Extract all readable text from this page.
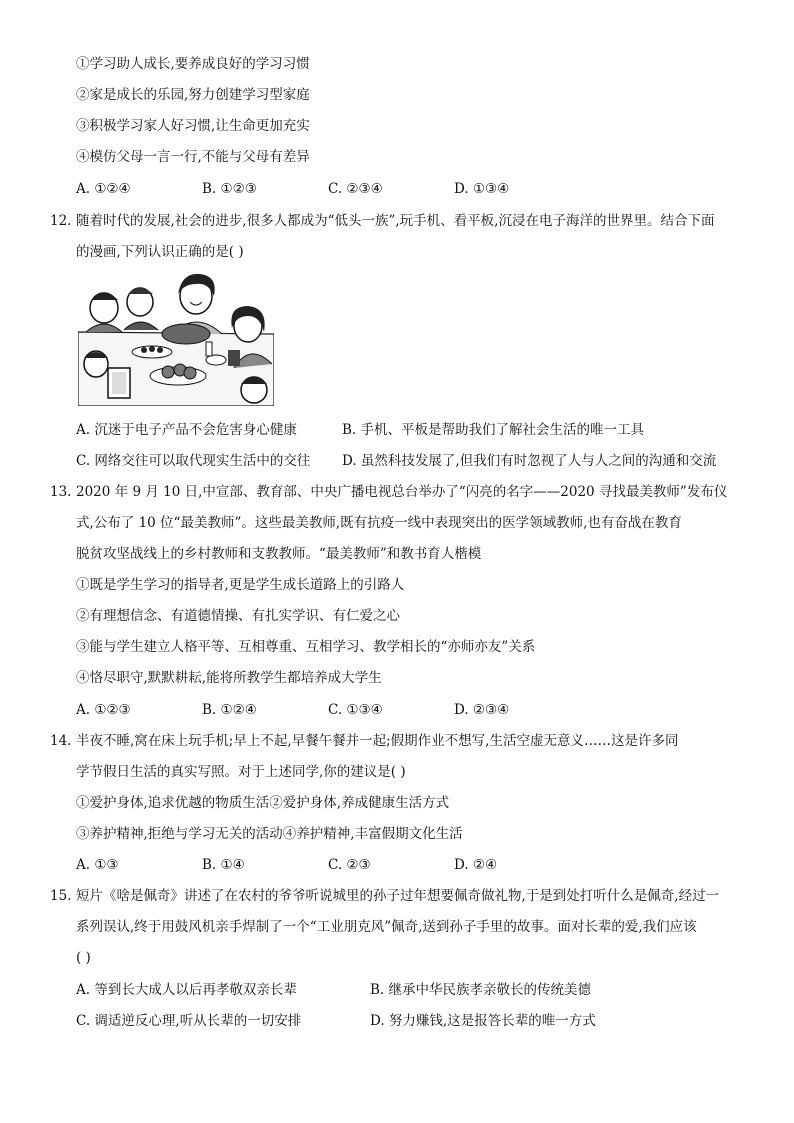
①学习助人成长,要养成良好的学习习惯
②家是成长的乐园,努力创建学习型家庭
③积极学习家人好习惯,让生命更加充实
④模仿父母一言一行,不能与父母有差异
A. ①②④	B. ①②③	C. ②③④	D. ①③④
12. 随着时代的发展,社会的进步,很多人都成为“低头一族”,玩手机、看平板,沉浸在电子海洋的世界里。结合下面
的漫画,下列认识正确的是( )
A. 沉迷于电子产品不会危害身心健康	B. 手机、平板是帮助我们了解社会生活的唯一工具
C. 网络交往可以取代现实生活中的交往 D. 虽然科技发展了,但我们有时忽视了人与人之间的沟通和交流
13. 2020 年 9 月 10 日,中宣部、教育部、中央广播电视总台举办了“闪亮的名字——2020 寻找最美教师”发布仪
式,公布了 10 位“最美教师”。这些最美教师,既有抗疫一线中表现突出的医学领域教师,也有奋战在教育
脱贫攻坚战线上的乡村教师和支教教师。“最美教师”和教书育人楷模
①既是学生学习的指导者,更是学生成长道路上的引路人
②有理想信念、有道德情操、有扎实学识、有仁爱之心
③能与学生建立人格平等、互相尊重、互相学习、教学相长的“亦师亦友”关系
④恪尽职守,默默耕耘,能将所教学生都培养成大学生
A. ①②③	B. ①②④	C. ①③④	D. ②③④
14. 半夜不睡,窝在床上玩手机;早上不起,早餐午餐并一起;假期作业不想写,生活空虚无意义……这是许多同
学节假日生活的真实写照。对于上述同学,你的建议是( )
①爱护身体,追求优越的物质生活②爱护身体,养成健康生活方式
③养护精神,拒绝与学习无关的活动④养护精神,丰富假期文化生活
A. ①③	B. ①④	C. ②③	D. ②④
15. 短片《啥是佩奇》讲述了在农村的爷爷听说城里的孙子过年想要佩奇做礼物,于是到处打听什么是佩奇,经过一
系列误认,终于用鼓风机亲手焊制了一个“工业朋克风”佩奇,送到孙子手里的故事。面对长辈的爱,我们应该
( )
A. 等到长大成人以后再孝敬双亲长辈	B. 继承中华民族孝亲敬长的传统美德
C. 调适逆反心理,听从长辈的一切安排	D. 努力赚钱,这是报答长辈的唯一方式
